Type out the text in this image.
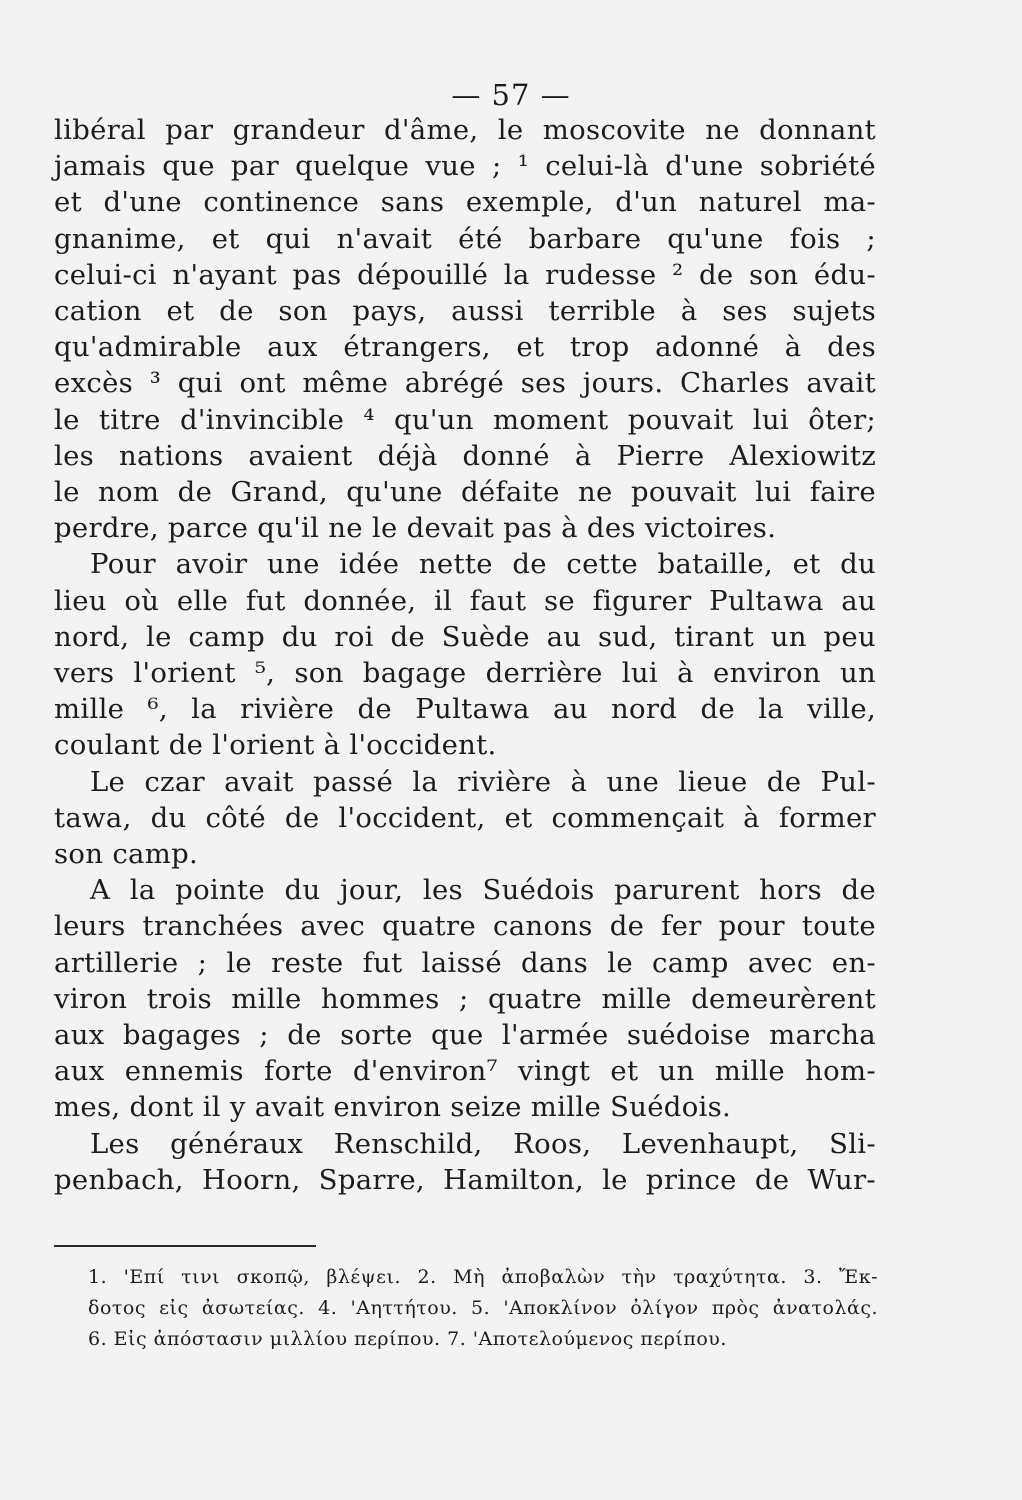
— 57 —
libéral par grandeur d'âme, le moscovite ne donnant
jamais que par quelque vue ; ¹ celui-là d'une sobriété
et d'une continence sans exemple, d'un naturel ma-
gnanime, et qui n'avait été barbare qu'une fois ;
celui-ci n'ayant pas dépouillé la rudesse ² de son édu-
cation et de son pays, aussi terrible à ses sujets
qu'admirable aux étrangers, et trop adonné à des
excès ³ qui ont même abrégé ses jours. Charles avait
le titre d'invincible ⁴ qu'un moment pouvait lui ôter;
les nations avaient déjà donné à Pierre Alexiowitz
le nom de Grand, qu'une défaite ne pouvait lui faire
perdre, parce qu'il ne le devait pas à des victoires.
Pour avoir une idée nette de cette bataille, et du
lieu où elle fut donnée, il faut se figurer Pultawa au
nord, le camp du roi de Suède au sud, tirant un peu
vers l'orient ⁵, son bagage derrière lui à environ un
mille ⁶, la rivière de Pultawa au nord de la ville,
coulant de l'orient à l'occident.
Le czar avait passé la rivière à une lieue de Pul-
tawa, du côté de l'occident, et commençait à former
son camp.
A la pointe du jour, les Suédois parurent hors de
leurs tranchées avec quatre canons de fer pour toute
artillerie ; le reste fut laissé dans le camp avec en-
viron trois mille hommes ; quatre mille demeurèrent
aux bagages ; de sorte que l'armée suédoise marcha
aux ennemis forte d'environ⁷ vingt et un mille hom-
mes, dont il y avait environ seize mille Suédois.
Les généraux Renschild, Roos, Levenhaupt, Sli-
penbach, Hoorn, Sparre, Hamilton, le prince de Wur-
1. 'Επί τινι σκοπῷ, βλέψει. 2. Μὴ ἀποβαλὼν τὴν τραχύτητα. 3. Ἔκ-
δοτος εἰς ἀσωτείας. 4. 'Αηττήτου. 5. 'Αποκλίνον ὀλίγον πρὸς ἀνατολάς.
6. Εἰς ἀπόστασιν μιλλίου περίπου. 7. 'Αποτελούμενος περίπου.
